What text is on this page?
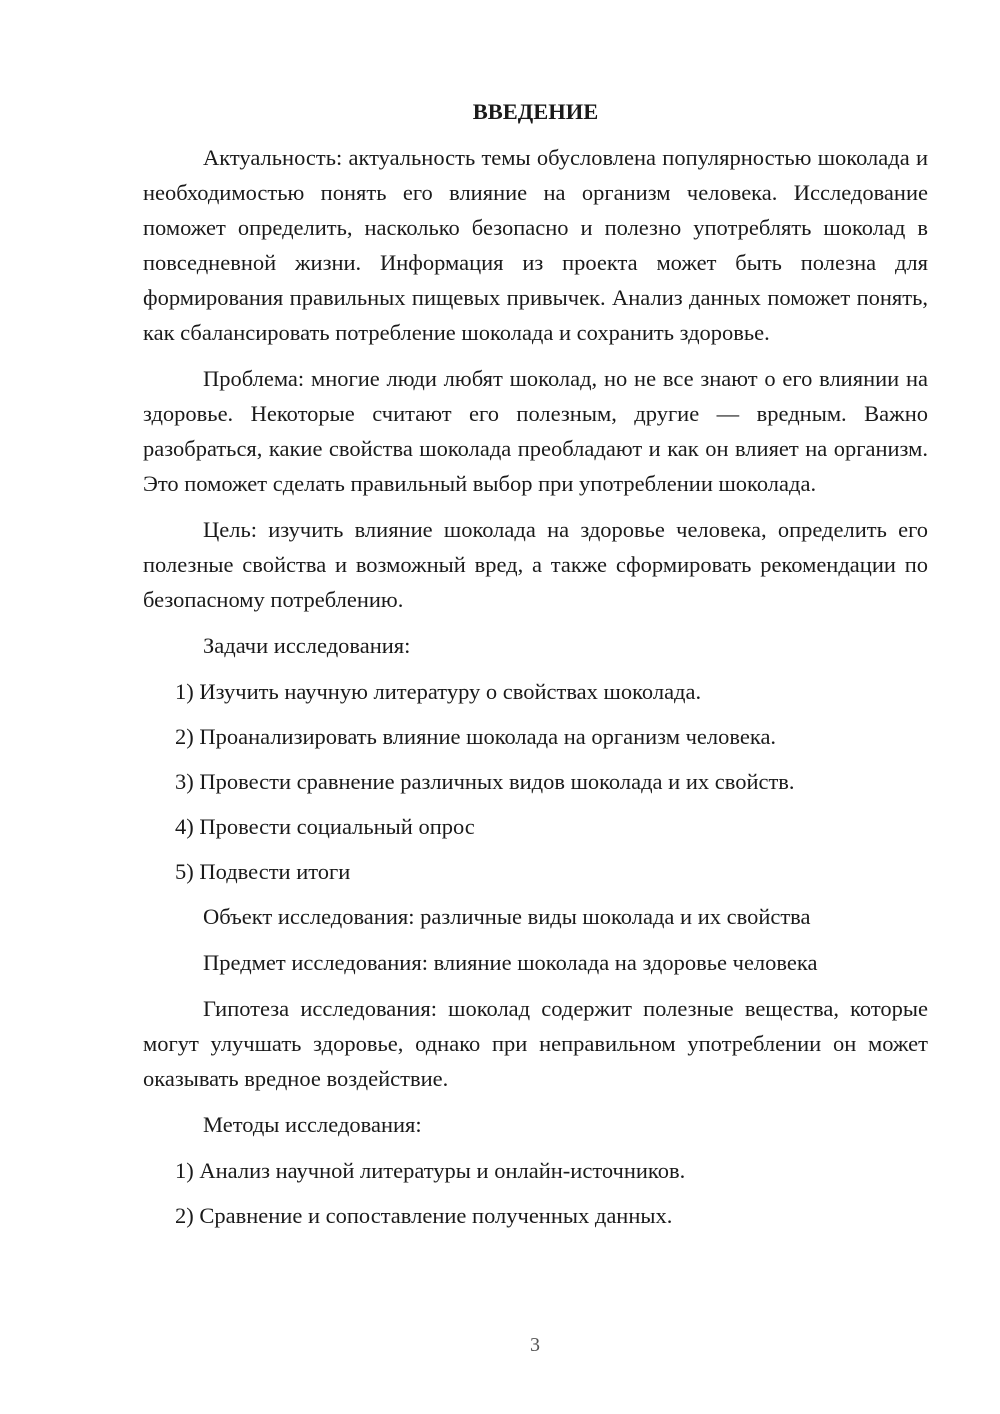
ВВЕДЕНИЕ

Актуальность: актуальность темы обусловлена популярностью шоколада и необходимостью понять его влияние на организм человека. Исследование поможет определить, насколько безопасно и полезно употреблять шоколад в повседневной жизни. Информация из проекта может быть полезна для формирования правильных пищевых привычек. Анализ данных поможет понять, как сбалансировать потребление шоколада и сохранить здоровье.

Проблема: многие люди любят шоколад, но не все знают о его влиянии на здоровье. Некоторые считают его полезным, другие — вредным. Важно разобраться, какие свойства шоколада преобладают и как он влияет на организм. Это поможет сделать правильный выбор при употреблении шоколада.

Цель: изучить влияние шоколада на здоровье человека, определить его полезные свойства и возможный вред, а также сформировать рекомендации по безопасному потреблению.

Задачи исследования:

1) Изучить научную литературу о свойствах шоколада.
2) Проанализировать влияние шоколада на организм человека.
3) Провести сравнение различных видов шоколада и их свойств.
4) Провести социальный опрос
5) Подвести итоги

Объект исследования: различные виды шоколада и их свойства

Предмет исследования: влияние шоколада на здоровье человека

Гипотеза исследования: шоколад содержит полезные вещества, которые могут улучшать здоровье, однако при неправильном употреблении он может оказывать вредное воздействие.

Методы исследования:

1) Анализ научной литературы и онлайн-источников.
2) Сравнение и сопоставление полученных данных.
3
